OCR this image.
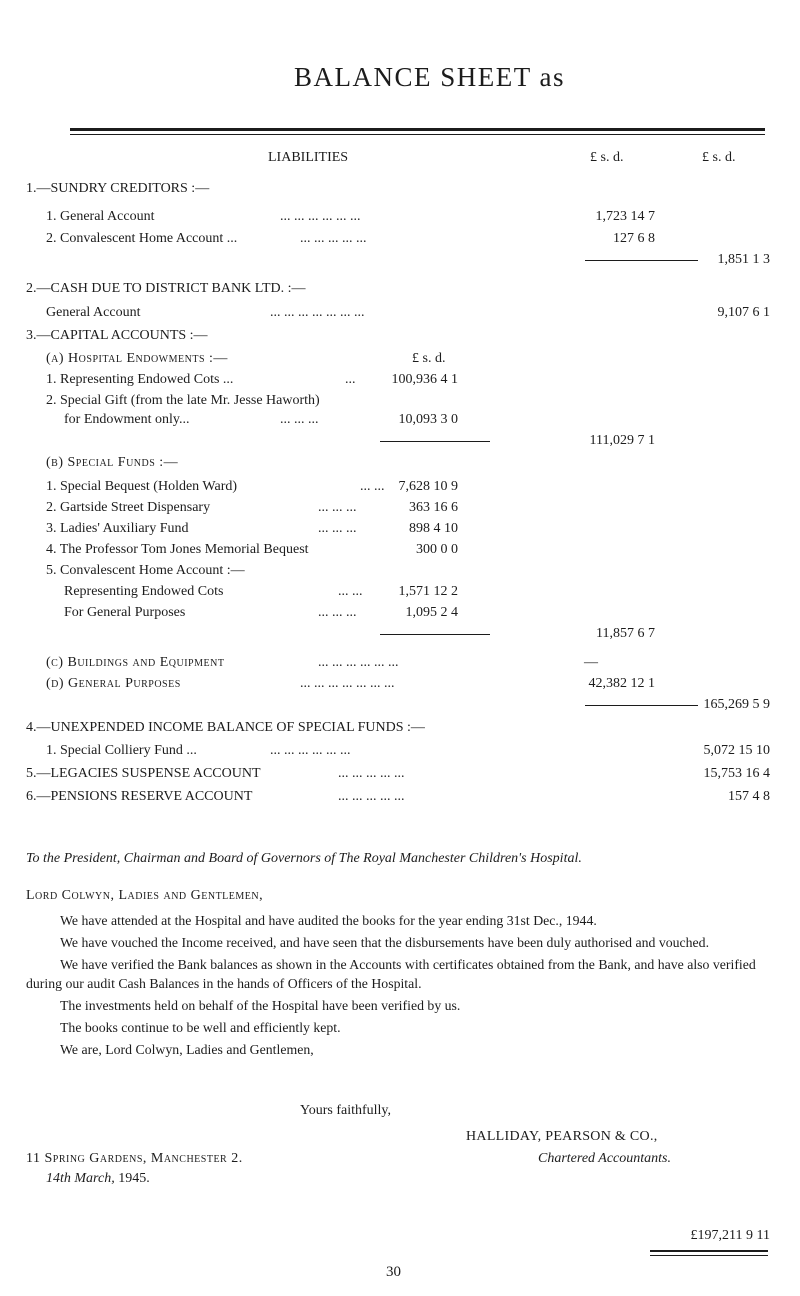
BALANCE SHEET as
LIABILITIES	£ s. d.	£ s. d.
1.—SUNDRY CREDITORS :—
1. General Account	... ... ... ... ... ...	1,723 14 7
2. Convalescent Home Account ...	... ... ... ... ...	127 6 8
1,851 1 3
2.—CASH DUE TO DISTRICT BANK LTD. :—
General Account	... ... ... ... ... ... ...	9,107 6 1
3.—CAPITAL ACCOUNTS :—
(a) Hospital Endowments :—	£ s. d.
1. Representing Endowed Cots ...	...	100,936 4 1
2. Special Gift (from the late Mr. Jesse Haworth)
for Endowment only...	... ... ...	10,093 3 0
111,029 7 1
(b) Special Funds :—
1. Special Bequest (Holden Ward)	... ... 7,628 10 9
2. Gartside Street Dispensary	... ... ...	363 16 6
3. Ladies' Auxiliary Fund	... ... ...	898 4 10
4. The Professor Tom Jones Memorial Bequest	300 0 0
5. Convalescent Home Account :—
Representing Endowed Cots	... ...	1,571 12 2
For General Purposes	... ... ...	1,095 2 4
11,857 6 7
(c) Buildings and Equipment	... ... ... ... ... ...	—
(d) General Purposes	... ... ... ... ... ... ...	42,382 12 1
165,269 5 9
4.—UNEXPENDED INCOME BALANCE OF SPECIAL FUNDS :—
1. Special Colliery Fund ...	... ... ... ... ... ...	5,072 15 10
5.—LEGACIES SUSPENSE ACCOUNT	... ... ... ... ...	15,753 16 4
6.—PENSIONS RESERVE ACCOUNT	... ... ... ... ...	157 4 8
To the President, Chairman and Board of Governors of The Royal Manchester Children's Hospital.
Lord Colwyn, Ladies and Gentlemen,

We have attended at the Hospital and have audited the books for the year ending 31st Dec., 1944.

We have vouched the Income received, and have seen that the disbursements have been duly authorised and vouched.

We have verified the Bank balances as shown in the Accounts with certificates obtained from the Bank, and have also verified during our audit Cash Balances in the hands of Officers of the Hospital.

The investments held on behalf of the Hospital have been verified by us.

The books continue to be well and efficiently kept.

We are, Lord Colwyn, Ladies and Gentlemen,

Yours faithfully,
HALLIDAY, PEARSON & CO.,
11 Spring Gardens, Manchester 2.	Chartered Accountants.
14th March, 1945.
£197,211 9 11
30
